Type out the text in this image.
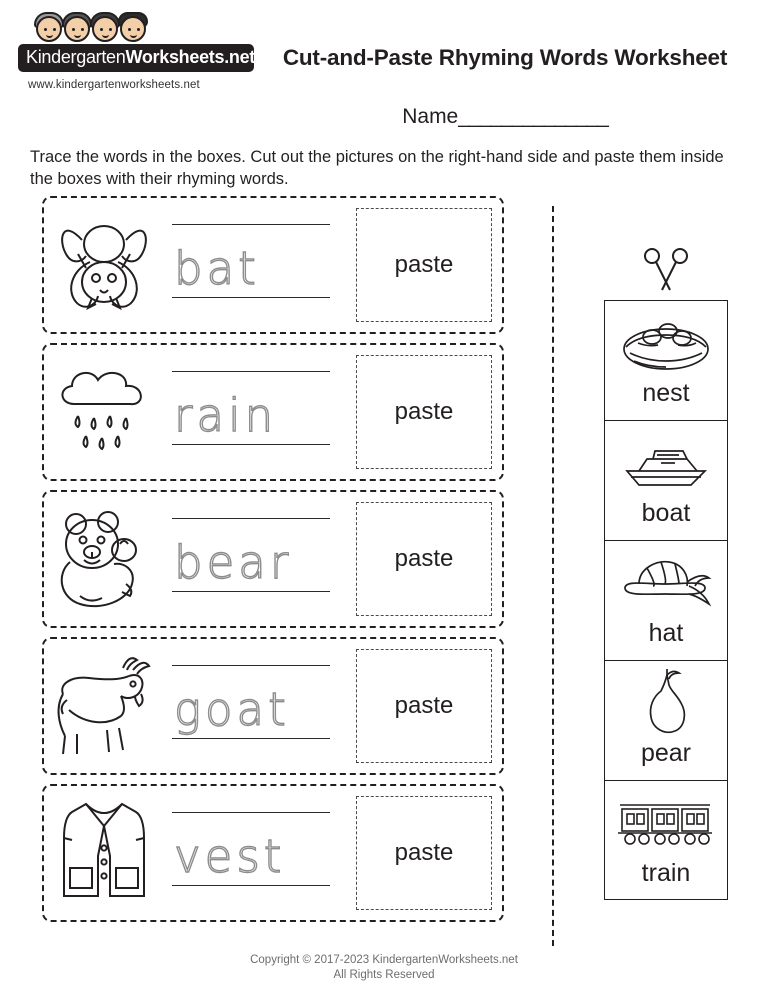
KindergartenWorksheets.net
www.kindergartenworksheets.net
Cut-and-Paste Rhyming Words Worksheet
Name______________
Trace the words in the boxes. Cut out the pictures on the right-hand side and paste them inside the boxes with their rhyming words.
bat	paste
rain	paste
bear	paste
goat	paste
vest	paste
nest
boat
hat
pear
train
Copyright © 2017-2023 KindergartenWorksheets.net
All Rights Reserved
